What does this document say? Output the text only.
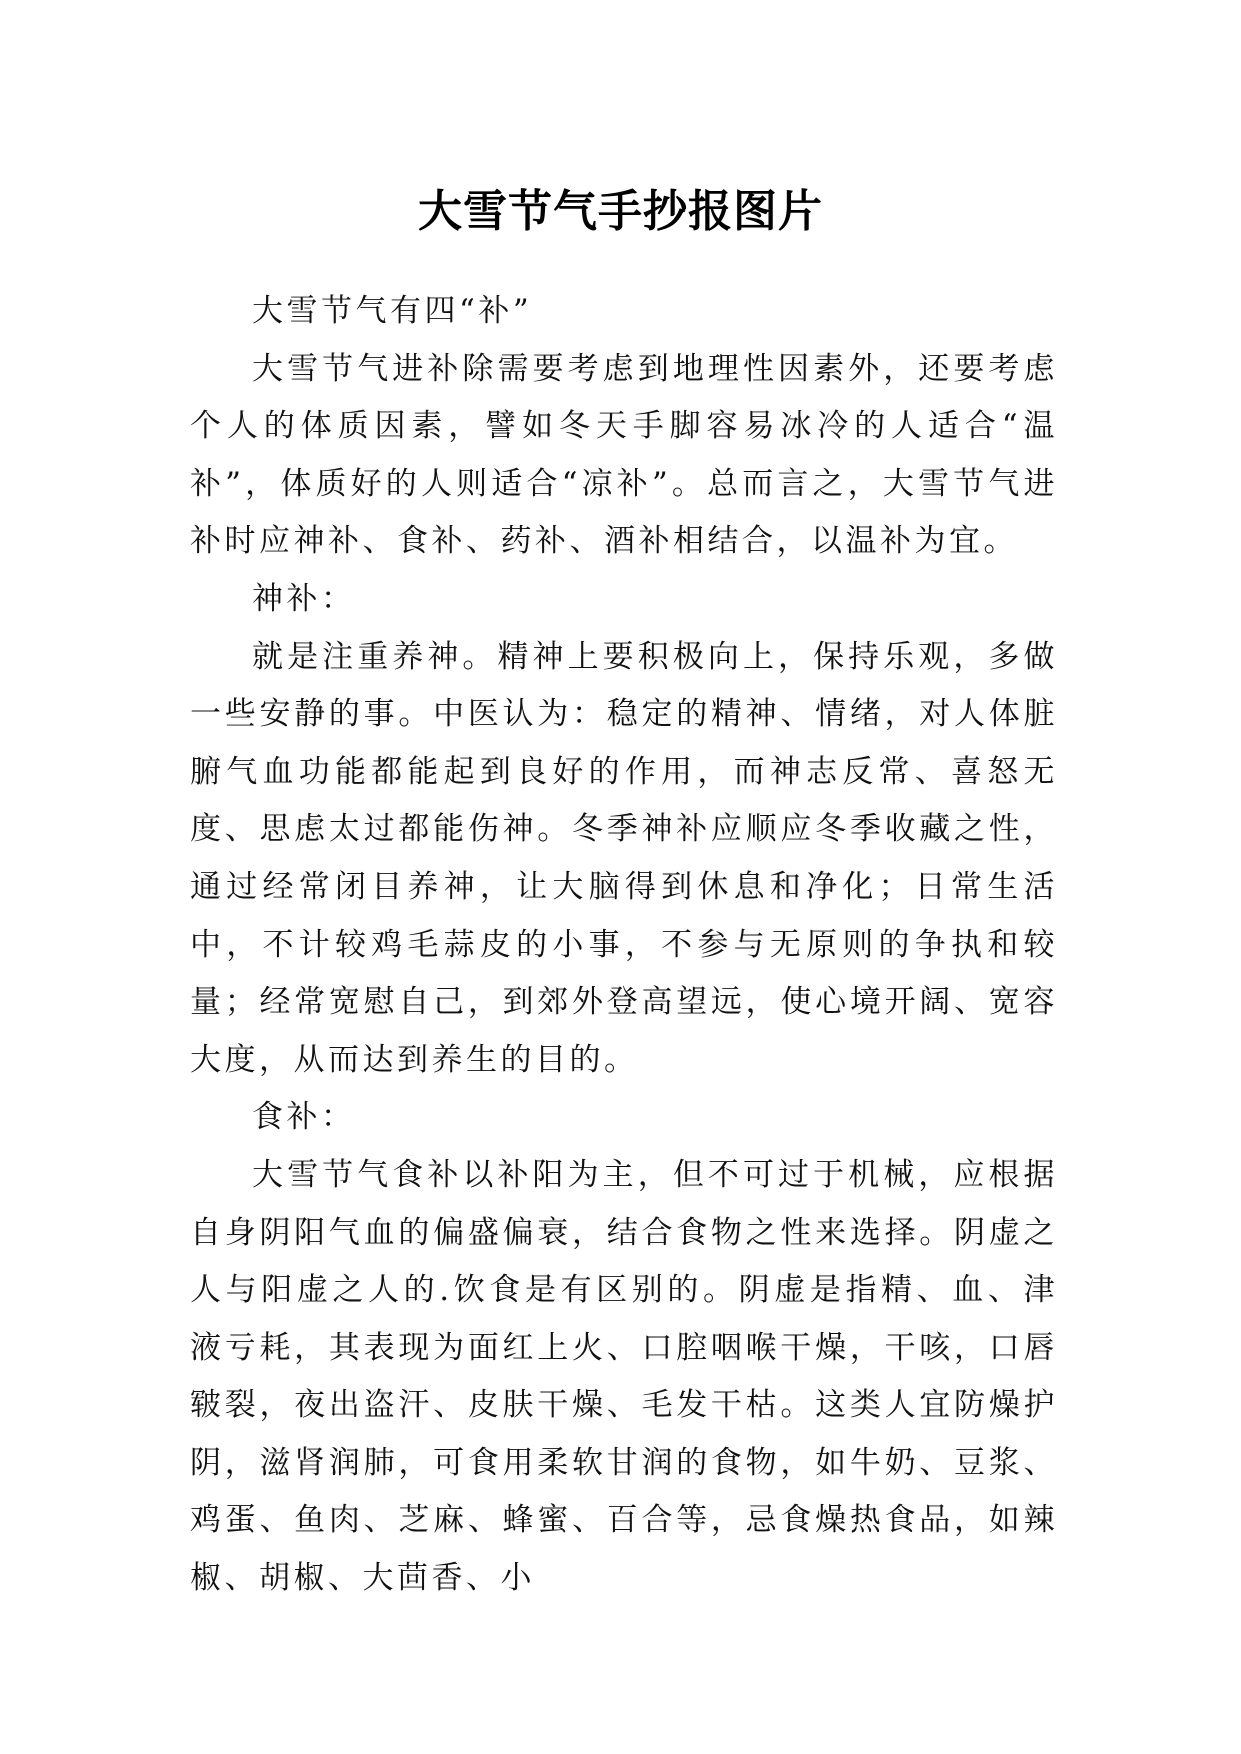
大雪节气手抄报图片

大雪节气有四“补”

大雪节气进补除需要考虑到地理性因素外，还要考虑个人的体质因素，譬如冬天手脚容易冰冷的人适合“温补”，体质好的人则适合“凉补”。总而言之，大雪节气进补时应神补、食补、药补、酒补相结合，以温补为宜。

神补：

就是注重养神。精神上要积极向上，保持乐观，多做一些安静的事。中医认为：稳定的精神、情绪，对人体脏腑气血功能都能起到良好的作用，而神志反常、喜怒无度、思虑太过都能伤神。冬季神补应顺应冬季收藏之性，通过经常闭目养神，让大脑得到休息和净化；日常生活中，不计较鸡毛蒜皮的小事，不参与无原则的争执和较量；经常宽慰自己，到郊外登高望远，使心境开阔、宽容大度，从而达到养生的目的。

食补：

大雪节气食补以补阳为主，但不可过于机械，应根据自身阴阳气血的偏盛偏衰，结合食物之性来选择。阴虚之人与阳虚之人的.饮食是有区别的。阴虚是指精、血、津液亏耗，其表现为面红上火、口腔咽喉干燥，干咳，口唇皲裂，夜出盗汗、皮肤干燥、毛发干枯。这类人宜防燥护阴，滋肾润肺，可食用柔软甘润的食物，如牛奶、豆浆、鸡蛋、鱼肉、芝麻、蜂蜜、百合等，忌食燥热食品，如辣椒、胡椒、大茴香、小
